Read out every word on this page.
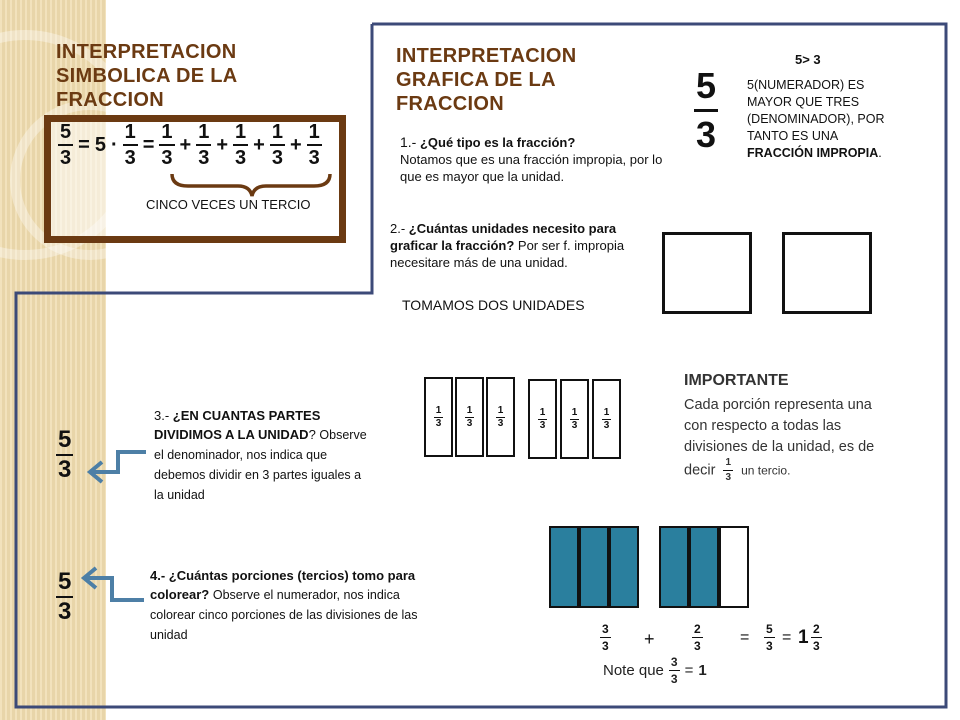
INTERPRETACION SIMBOLICA DE LA FRACCION
$\frac{5}{3} = 5 \cdot \frac{1}{3} = \frac{1}{3} + \frac{1}{3} + \frac{1}{3} + \frac{1}{3} + \frac{1}{3}$
CINCO VECES UN TERCIO
INTERPRETACION GRAFICA DE LA FRACCION	$\frac{5}{3}$
5> 3
5(NUMERADOR) ES MAYOR QUE TRES (DENOMINADOR), POR TANTO ES UNA FRACCIÓN IMPROPIA.
1.- ¿Qué tipo es la fracción?
Notamos que es una fracción impropia, por lo que es mayor que la unidad.
2.- ¿Cuántas unidades necesito para graficar la fracción? Por ser f. impropia necesitare más de una unidad.
TOMAMOS DOS UNIDADES
$\frac{5}{3}$
$\frac{5}{3}$
3.- ¿EN CUANTAS PARTES DIVIDIMOS A LA UNIDAD? Observe el denominador, nos indica que debemos dividir en 3 partes iguales a la unidad
4.- ¿Cuántas porciones (tercios) tomo para colorear? Observe el numerador, nos indica colorear cinco porciones de las divisiones de las unidad
$\frac{1}{3} \frac{1}{3} \frac{1}{3}$	$\frac{1}{3} \frac{1}{3} \frac{1}{3}$
IMPORTANTE
Cada porción representa una con respecto a todas las divisiones de la unidad, es de decir $\frac{1}{3}$ un tercio.
3
3 +	2
3 = 5
3 = 1 2
3
Note que $\frac{3}{3} = 1$
